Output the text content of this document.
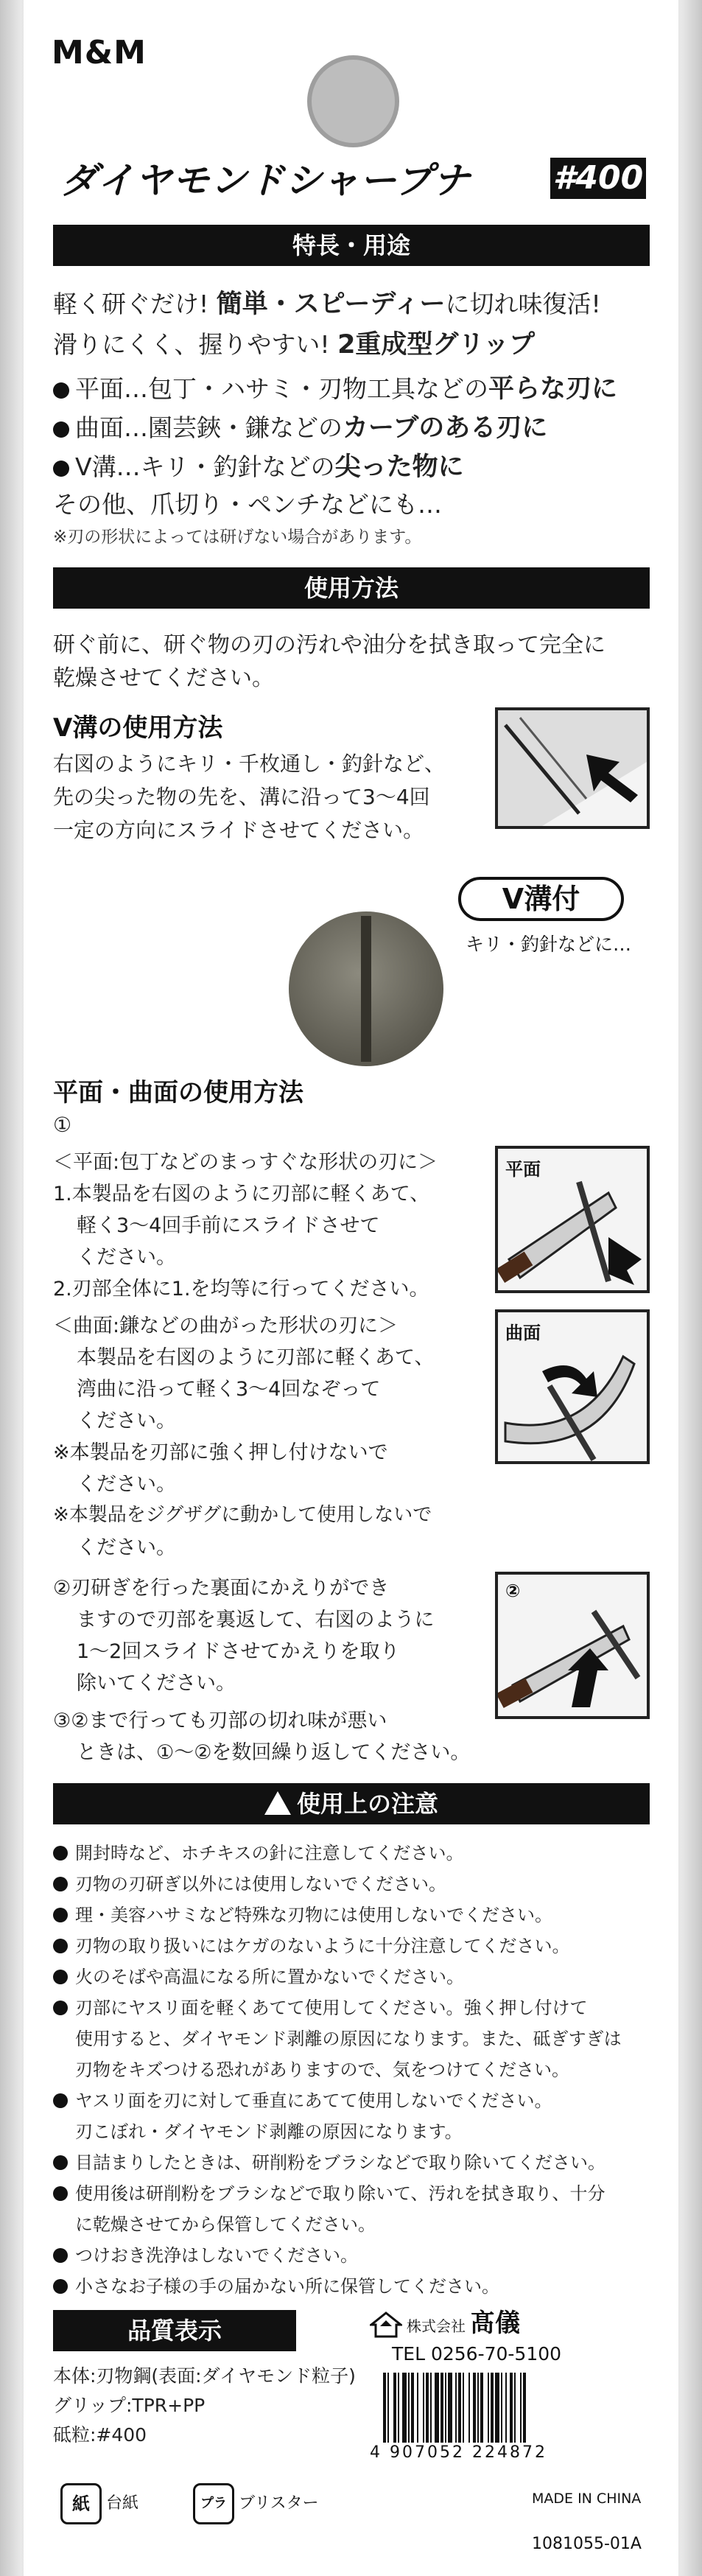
M&M
ダイヤモンドシャープナ	#400
特長・用途
軽く研ぐだけ! 簡単・スピーディーに切れ味復活!
滑りにくく、握りやすい! 2重成型グリップ
平面…包丁・ハサミ・刃物工具などの平らな刃に
曲面…園芸鋏・鎌などのカーブのある刃に
V溝…キリ・釣針などの尖った物に
その他、爪切り・ペンチなどにも…
※刃の形状によっては研げない場合があります。
使用方法
研ぐ前に、研ぐ物の刃の汚れや油分を拭き取って完全に
乾燥させてください。
V溝の使用方法
右図のようにキリ・千枚通し・釣針など、
先の尖った物の先を、溝に沿って3～4回
一定の方向にスライドさせてください。
V溝付
キリ・釣針などに…
平面・曲面の使用方法
①
＜平面:包丁などのまっすぐな形状の刃に＞
1.本製品を右図のように刃部に軽くあて、
軽く3～4回手前にスライドさせて
ください。
2.刃部全体に1.を均等に行ってください。
＜曲面:鎌などの曲がった形状の刃に＞
本製品を右図のように刃部に軽くあて、
湾曲に沿って軽く3～4回なぞって
ください。
※本製品を刃部に強く押し付けないで
ください。
※本製品をジグザグに動かして使用しないで
ください。
②刃研ぎを行った裏面にかえりができ
ますので刃部を裏返して、右図のように
1～2回スライドさせてかえりを取り
除いてください。
③②まで行っても刃部の切れ味が悪い
ときは、①～②を数回繰り返してください。
平面
曲面
②
使用上の注意
開封時など、ホチキスの針に注意してください。
刃物の刃研ぎ以外には使用しないでください。
理・美容ハサミなど特殊な刃物には使用しないでください。
刃物の取り扱いにはケガのないように十分注意してください。
火のそばや高温になる所に置かないでください。
刃部にヤスリ面を軽くあてて使用してください。強く押し付けて
使用すると、ダイヤモンド剥離の原因になります。また、砥ぎすぎは
刃物をキズつける恐れがありますので、気をつけてください。
ヤスリ面を刃に対して垂直にあてて使用しないでください。
刃こぼれ・ダイヤモンド剥離の原因になります。
目詰まりしたときは、研削粉をブラシなどで取り除いてください。
使用後は研削粉をブラシなどで取り除いて、汚れを拭き取り、十分
に乾燥させてから保管してください。
つけおき洗浄はしないでください。
小さなお子様の手の届かない所に保管してください。
品質表示
本体:刃物鋼(表面:ダイヤモンド粒子)
グリップ:TPR+PP
砥粒:#400
株式会社 髙儀
TEL 0256-70-5100
4 907052 224872
紙 台紙	プラ ブリスター	MADE IN CHINA
1081055-01A
